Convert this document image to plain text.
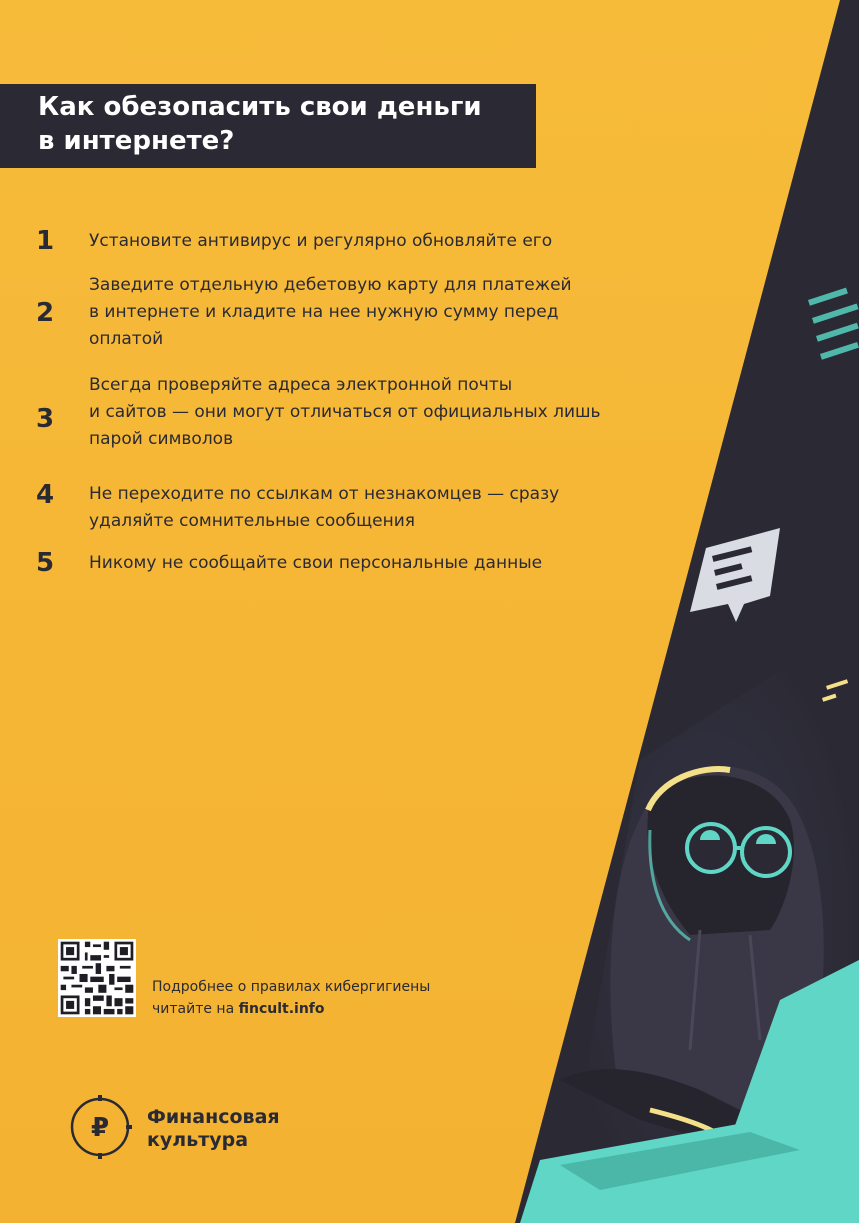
Как обезопасить свои деньги
в интернете?
1 Установите антивирус и регулярно обновляйте его
2
Заведите отдельную дебетовую карту для платежей
в интернете и кладите на нее нужную сумму перед
оплатой
3
Всегда проверяйте адреса электронной почты
и сайтов — они могут отличаться от официальных лишь
парой символов
4 Не переходите по ссылкам от незнакомцев — сразу
удаляйте сомнительные сообщения
5 Никому не сообщайте свои персональные данные
Подробнее о правилах кибергигиены
читайте на fincult.info
₽ Финансовая
культура
